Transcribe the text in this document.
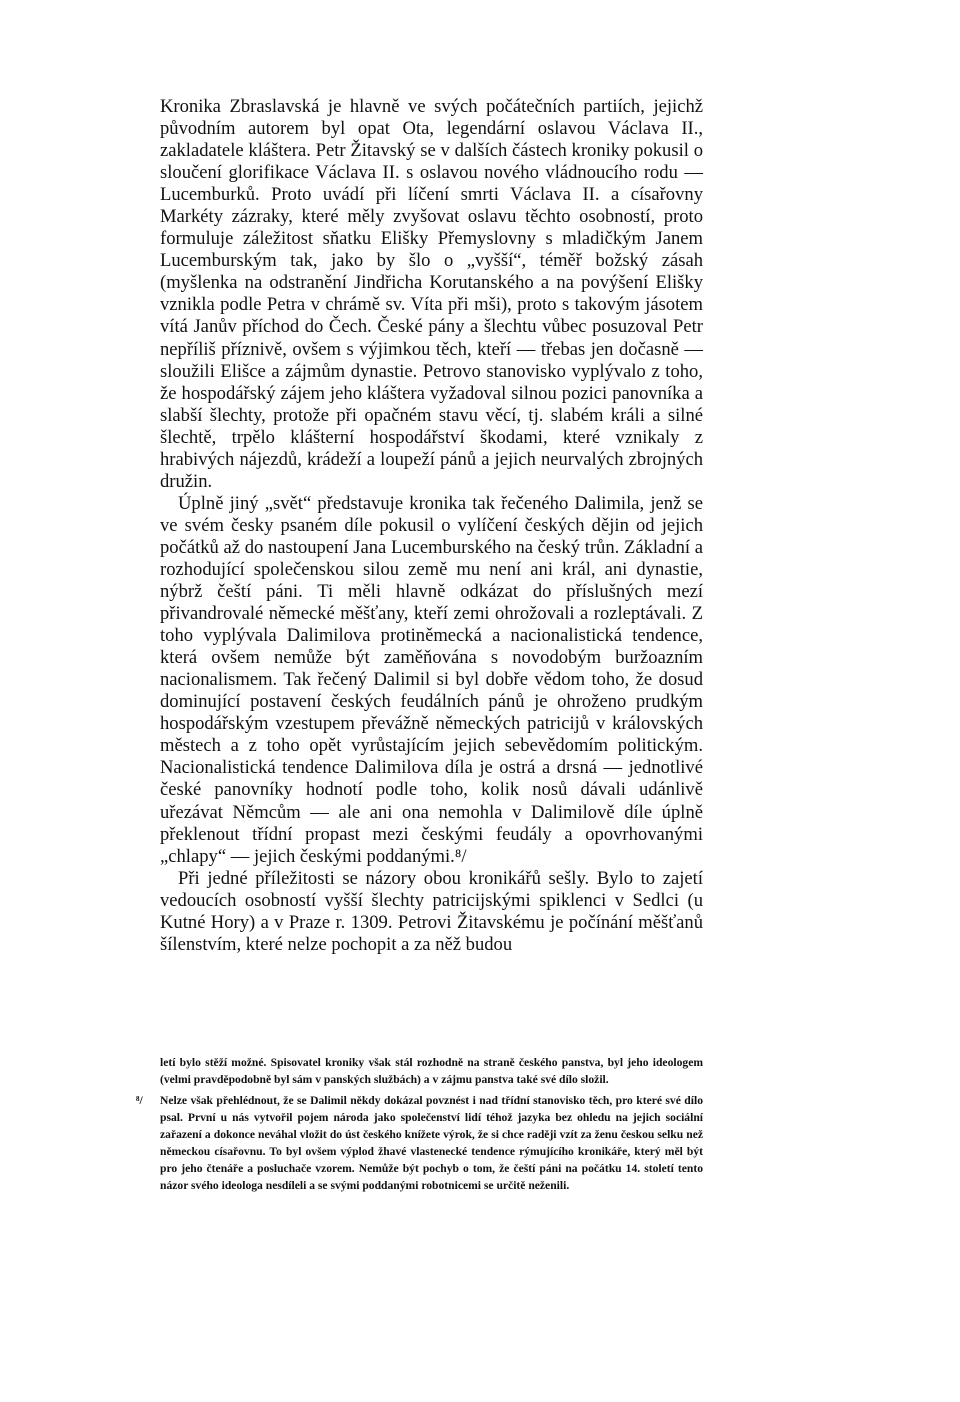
Kronika Zbraslavská je hlavně ve svých počátečních partiích, jejichž původním autorem byl opat Ota, legendární oslavou Václava II., zakladatele kláštera. Petr Žitavský se v dalších částech kroniky pokusil o sloučení glorifikace Václava II. s oslavou nového vládnoucího rodu — Lucemburků. Proto uvádí při líčení smrti Václava II. a císařovny Markéty zázraky, které měly zvyšovat oslavu těchto osobností, proto formuluje záležitost sňatku Elišky Přemyslovny s mladičkým Janem Lucemburským tak, jako by šlo o „vyšší“, téměř božský zásah (myšlenka na odstranění Jindřicha Korutanského a na povýšení Elišky vznikla podle Petra v chrámě sv. Víta při mši), proto s takovým jásotem vítá Janův příchod do Čech. České pány a šlechtu vůbec posuzoval Petr nepříliš příznivě, ovšem s výjimkou těch, kteří — třebas jen dočasně — sloužili Elišce a zájmům dynastie. Petrovo stanovisko vyplývalo z toho, že hospodářský zájem jeho kláštera vyžadoval silnou pozici panovníka a slabší šlechty, protože při opačném stavu věcí, tj. slabém králi a silné šlechtě, trpělo klášterní hospodářství škodami, které vznikaly z hrabivých nájezdů, krádeží a loupeží pánů a jejich neurvalých zbrojných družin.

Úplně jiný „svět“ představuje kronika tak řečeného Dalimila, jenž se ve svém česky psaném díle pokusil o vylíčení českých dějin od jejich počátků až do nastoupení Jana Lucemburského na český trůn. Základní a rozhodující společenskou silou země mu není ani král, ani dynastie, nýbrž čeští páni. Ti měli hlavně odkázat do příslušných mezí přivandrovalé německé měšťany, kteří zemi ohrožovali a rozleptávali. Z toho vyplývala Dalimilova protiněmecká a nacionalistická tendence, která ovšem nemůže být zaměňována s novodobým buržoazním nacionalismem. Tak řečený Dalimil si byl dobře vědom toho, že dosud dominující postavení českých feudálních pánů je ohroženo prudkým hospodářským vzestupem převážně německých patricijů v královských městech a z toho opět vyrůstajícím jejich sebevědomím politickým. Nacionalistická tendence Dalimilova díla je ostrá a drsná — jednotlivé české panovníky hodnotí podle toho, kolik nosů dávali udánlivě uřezávat Němcům — ale ani ona nemohla v Dalimilově díle úplně překlenout třídní propast mezi českými feudály a opovrhovanými „chlapy“ — jejich českými poddanými.⁸/

Při jedné příležitosti se názory obou kronikářů sešly. Bylo to zajetí vedoucích osobností vyšší šlechty patricijskými spiklenci v Sedlci (u Kutné Hory) a v Praze r. 1309. Petrovi Žitavskému je počínání měšťanů šílenstvím, které nelze pochopit a za něž budou

letí bylo stěží možné. Spisovatel kroniky však stál rozhodně na straně českého panstva, byl jeho ideologem (velmi pravděpodobně byl sám v panských službách) a v zájmu panstva také své dílo složil.

⁸/ Nelze však přehlédnout, že se Dalimil někdy dokázal povznést i nad třídní stanovisko těch, pro které své dílo psal. První u nás vytvořil pojem národa jako společenství lidí téhož jazyka bez ohledu na jejich sociální zařazení a dokonce neváhal vložit do úst českého knížete výrok, že si chce raději vzít za ženu českou selku než německou císařovnu. To byl ovšem výplod žhavé vlastenecké tendence rýmujícího kronikáře, který měl být pro jeho čtenáře a posluchače vzorem. Nemůže být pochyb o tom, že čeští páni na počátku 14. století tento názor svého ideologa nesdíleli a se svými poddanými robotnicemi se určitě neženili.
